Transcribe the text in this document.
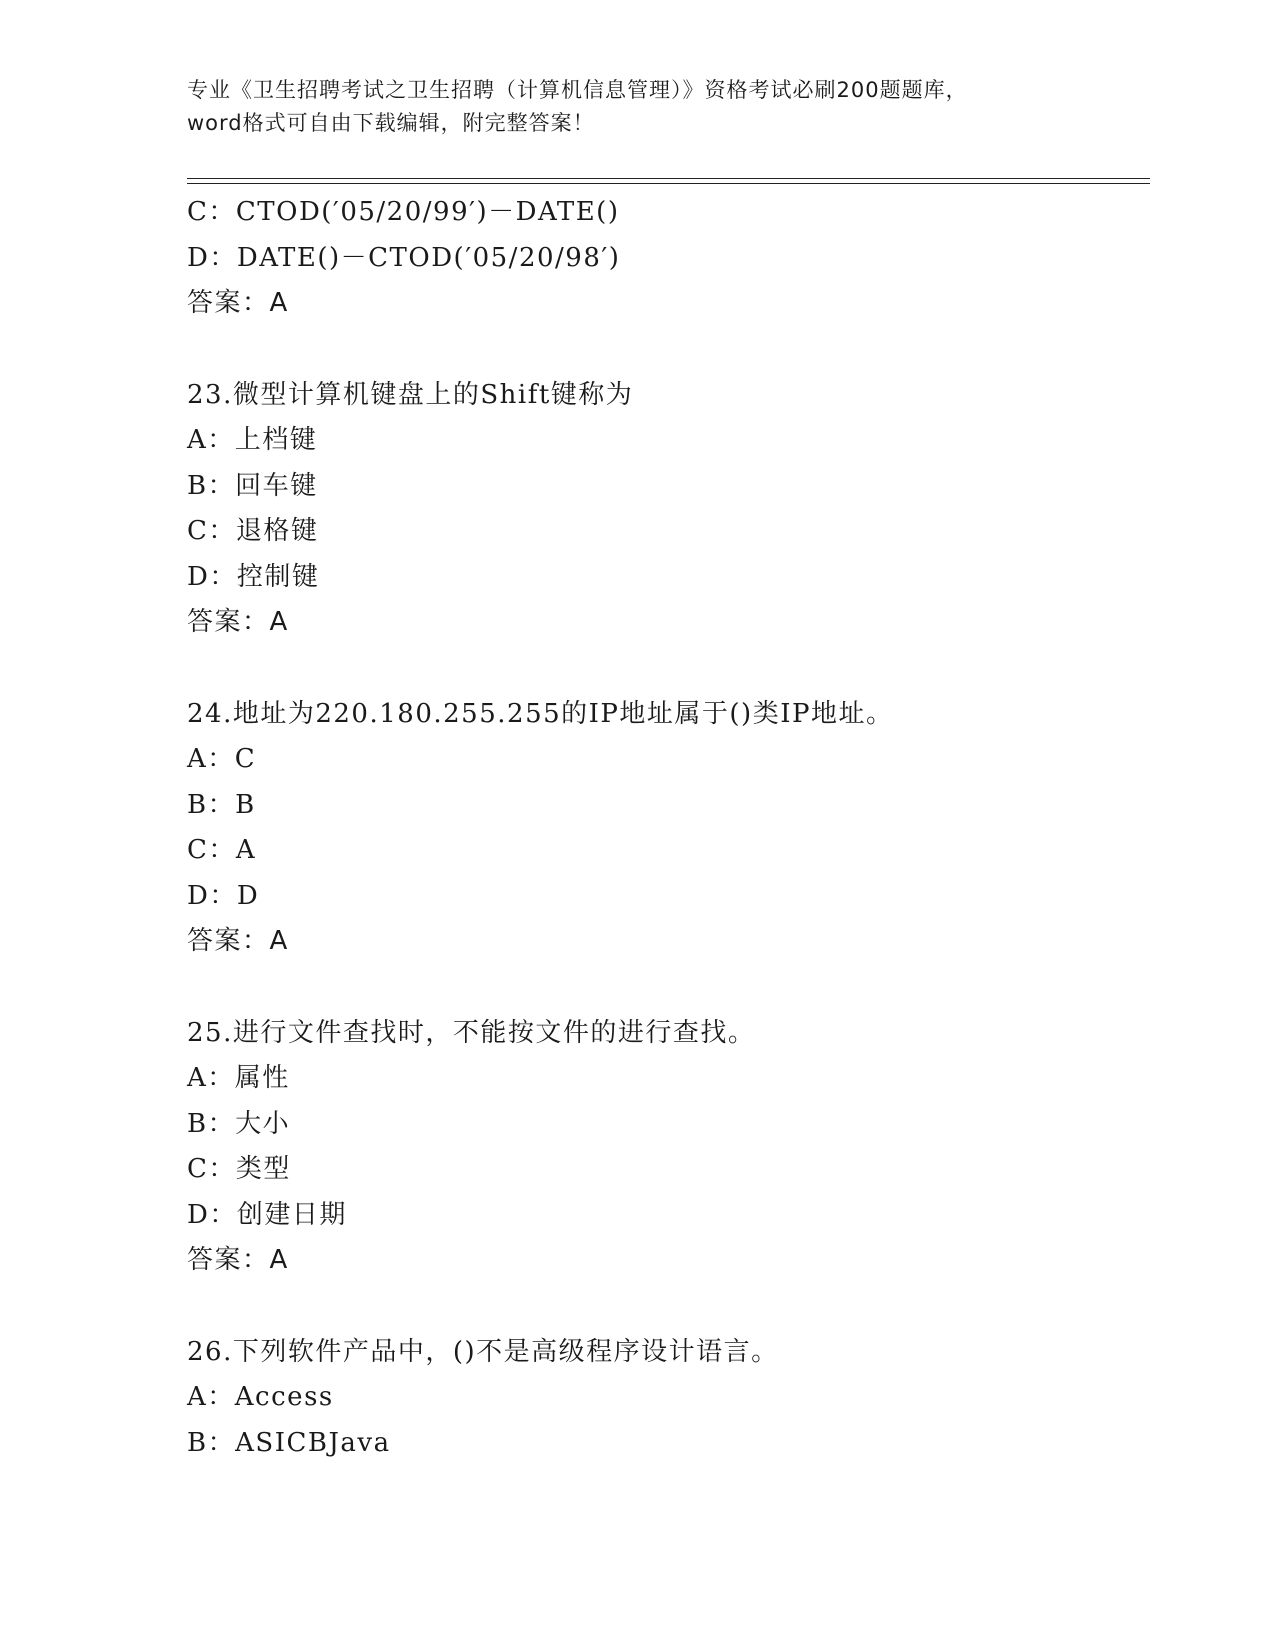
专业《卫生招聘考试之卫生招聘（计算机信息管理）》资格考试必刷200题题库，
word格式可自由下载编辑，附完整答案！
C：CTOD(′05/20/99′)－DATE()
D：DATE()－CTOD(′05/20/98′)
答案：A
23.微型计算机键盘上的Shift键称为
A：上档键
B：回车键
C：退格键
D：控制键
答案：A
24.地址为220.180.255.255的IP地址属于()类IP地址。
A：C
B：B
C：A
D：D
答案：A
25.进行文件查找时，不能按文件的进行查找。
A：属性
B：大小
C：类型
D：创建日期
答案：A
26.下列软件产品中，()不是高级程序设计语言。
A：Access
B：ASICBJava
